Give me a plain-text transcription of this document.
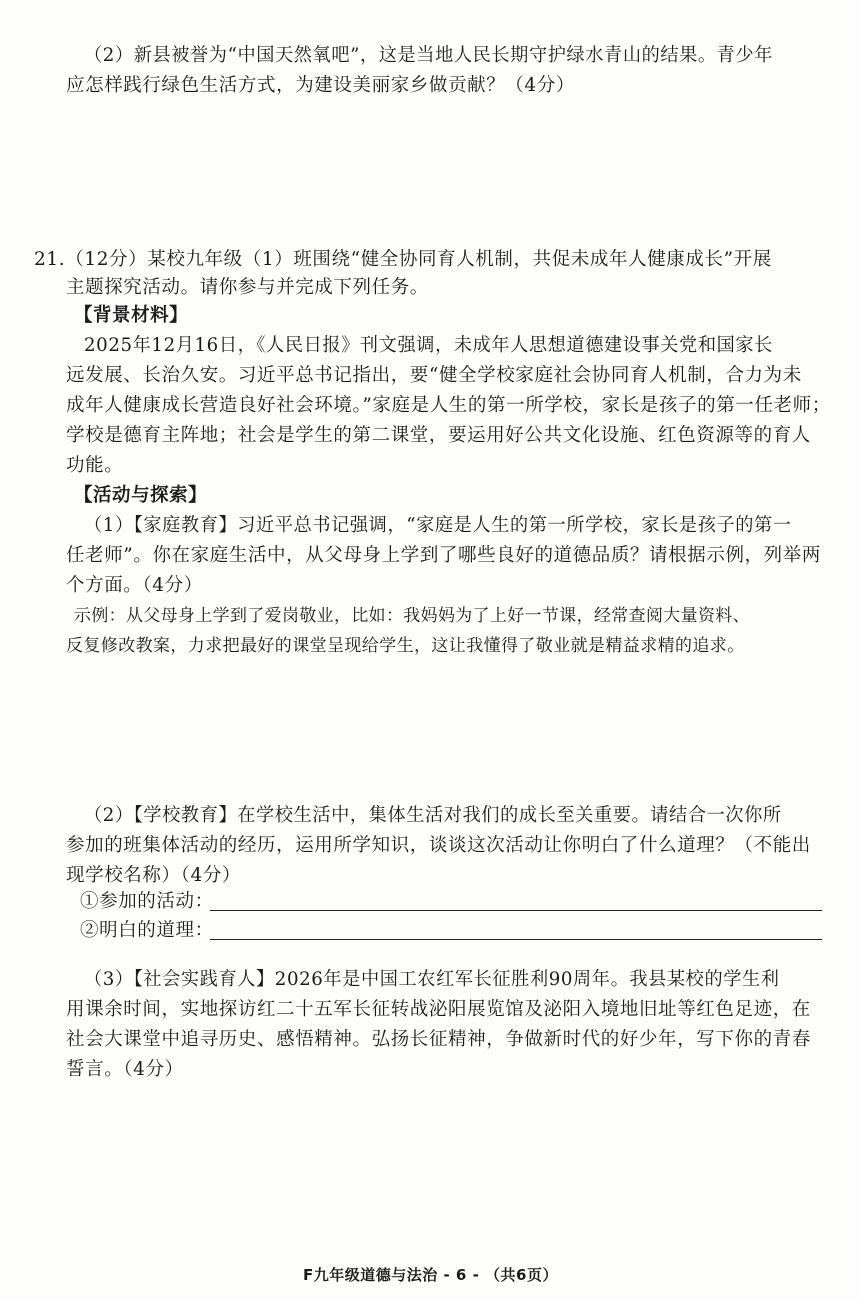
（2）新县被誉为“中国天然氧吧”，这是当地人民长期守护绿水青山的结果。青少年
应怎样践行绿色生活方式，为建设美丽家乡做贡献？（4分）
21.（12分）某校九年级（1）班围绕“健全协同育人机制，共促未成年人健康成长”开展
主题探究活动。请你参与并完成下列任务。
【背景材料】
2025年12月16日，《人民日报》刊文强调，未成年人思想道德建设事关党和国家长
远发展、长治久安。习近平总书记指出，要“健全学校家庭社会协同育人机制，合力为未
成年人健康成长营造良好社会环境。”家庭是人生的第一所学校，家长是孩子的第一任老师；
学校是德育主阵地；社会是学生的第二课堂，要运用好公共文化设施、红色资源等的育人
功能。
【活动与探索】
（1）【家庭教育】习近平总书记强调，“家庭是人生的第一所学校，家长是孩子的第一
任老师”。你在家庭生活中，从父母身上学到了哪些良好的道德品质？请根据示例，列举两
个方面。（4分）
示例：从父母身上学到了爱岗敬业，比如：我妈妈为了上好一节课，经常查阅大量资料、
反复修改教案，力求把最好的课堂呈现给学生，这让我懂得了敬业就是精益求精的追求。
（2）【学校教育】在学校生活中，集体生活对我们的成长至关重要。请结合一次你所
参加的班集体活动的经历，运用所学知识，谈谈这次活动让你明白了什么道理？（不能出
现学校名称）（4分）
①参加的活动：
②明白的道理：
（3）【社会实践育人】2026年是中国工农红军长征胜利90周年。我县某校的学生利
用课余时间，实地探访红二十五军长征转战泌阳展览馆及泌阳入境地旧址等红色足迹，在
社会大课堂中追寻历史、感悟精神。弘扬长征精神，争做新时代的好少年，写下你的青春
誓言。（4分）
F九年级道德与法治 - 6 - （共6页）
